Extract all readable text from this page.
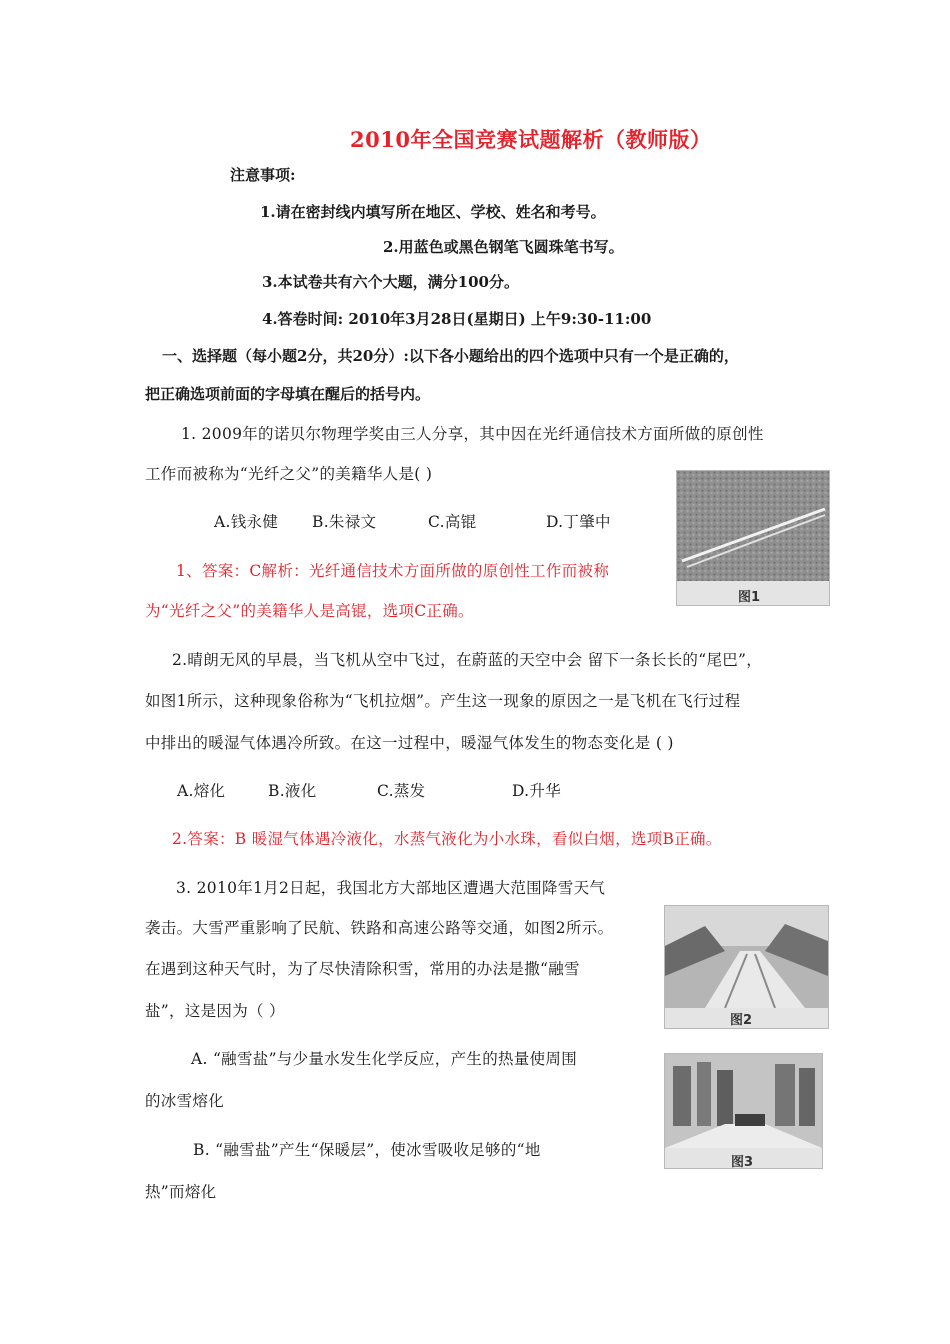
2010年全国竞赛试题解析（教师版）
注意事项:
1.请在密封线内填写所在地区、学校、姓名和考号。
2.用蓝色或黑色钢笔飞圆珠笔书写。
3.本试卷共有六个大题，满分100分。
4.答卷时间: 2010年3月28日(星期日) 上午9:30-11:00
一、选择题（每小题2分，共20分）:以下各小题给出的四个选项中只有一个是正确的，
把正确选项前面的字母填在醒后的括号内。
1. 2009年的诺贝尔物理学奖由三人分享，其中因在光纤通信技术方面所做的原创性
工作而被称为“光纤之父”的美籍华人是( )
A.钱永健 B.朱禄文	C.高锟	D.丁肇中
1、答案：C解析：光纤通信技术方面所做的原创性工作而被称
为“光纤之父”的美籍华人是高锟，选项C正确。
图1
2.晴朗无风的早晨，当飞机从空中飞过，在蔚蓝的天空中会 留下一条长长的“尾巴”，
如图1所示，这种现象俗称为“飞机拉烟”。产生这一现象的原因之一是飞机在飞行过程
中排出的暖湿气体遇冷所致。在这一过程中，暖湿气体发生的物态变化是 ( )
A.熔化	B.液化	C.蒸发	D.升华
2.答案：B 暖湿气体遇冷液化，水蒸气液化为小水珠，看似白烟，选项B正确。
3. 2010年1月2日起，我国北方大部地区遭遇大范围降雪天气
袭击。大雪严重影响了民航、铁路和高速公路等交通，如图2所示。
在遇到这种天气时，为了尽快清除积雪，常用的办法是撒“融雪
盐”，这是因为（ ）
A. “融雪盐”与少量水发生化学反应，产生的热量使周围
的冰雪熔化
B. “融雪盐”产生“保暖层”，使冰雪吸收足够的“地
热”而熔化
图2
图3
